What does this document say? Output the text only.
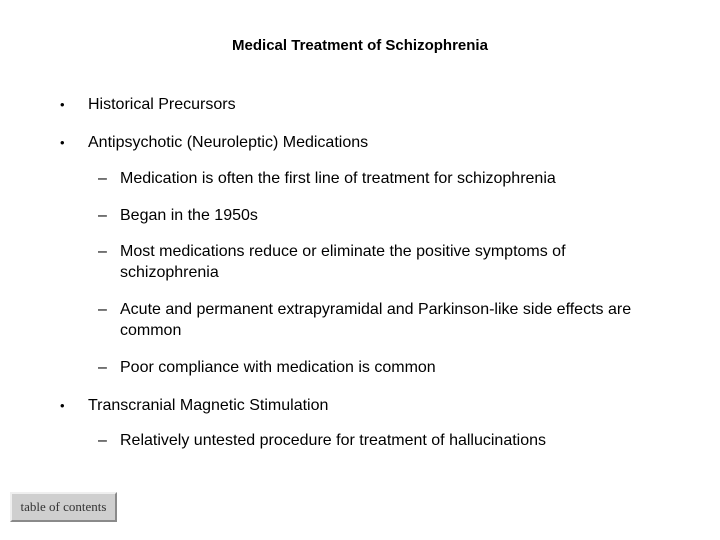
Medical Treatment of Schizophrenia
• Historical Precursors
• Antipsychotic (Neuroleptic) Medications
– Medication is often the first line of treatment for schizophrenia
– Began in the 1950s
– Most medications reduce or eliminate the positive symptoms of schizophrenia
– Acute and permanent extrapyramidal and Parkinson-like side effects are common
– Poor compliance with medication is common
• Transcranial Magnetic Stimulation
– Relatively untested procedure for treatment of hallucinations
table of contents
